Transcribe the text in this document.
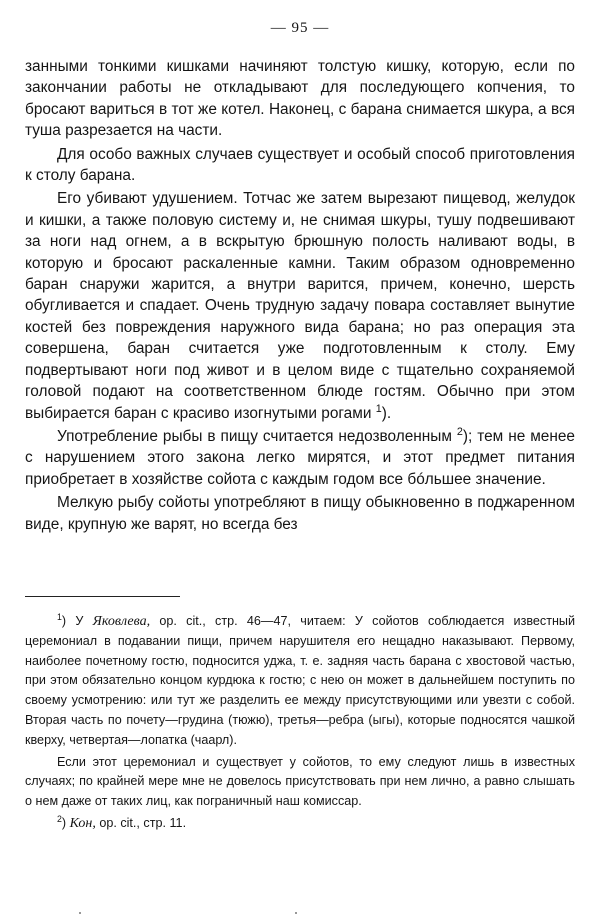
— 95 —

занными тонкими кишками начиняют толстую кишку, которую, если по закончании работы не откладывают для последующего копчения, то бросают вариться в тот же котел. Наконец, с барана снимается шкура, а вся туша разрезается на части.

Для особо важных случаев существует и особый способ приготовления к столу барана.

Его убивают удушением. Тотчас же затем вырезают пищевод, желудок и кишки, а также половую систему и, не снимая шкуры, тушу подвешивают за ноги над огнем, а в вскрытую брюшную полость наливают воды, в которую и бросают раскаленные камни. Таким образом одновременно баран снаружи жарится, а внутри варится, причем, конечно, шерсть обугливается и спадает. Очень трудную задачу повара составляет вынутие костей без повреждения наружного вида барана; но раз операция эта совершена, баран считается уже подготовленным к столу. Ему подвертывают ноги под живот и в целом виде с тщательно сохраняемой головой подают на соответственном блюде гостям. Обычно при этом выбирается баран с красиво изогнутыми рогами $^1$).

Употребление рыбы в пищу считается недозволенным $^2$); тем не менее с нарушением этого закона легко мирятся, и этот предмет питания приобретает в хозяйстве сойота с каждым годом все бóльшее значение.

Мелкую рыбу сойоты употребляют в пищу обыкновенно в поджаренном виде, крупную же варят, но всегда без

$^1$) У Яковлева, op. cit., стр. 46—47, читаем: У сойотов соблюдается известный церемониал в подавании пищи, причем нарушителя его нещадно наказывают. Первому, наиболее почетному гостю, подносится уджа, т. е. задняя часть барана с хвостовой частью, при этом обязательно концом курдюка к гостю; с нею он может в дальнейшем поступить по своему усмотрению: или тут же разделить ее между присутствующими или увезти с собой. Вторая часть по почету—грудина (тюжю), третья—ребра (ыгы), которые подносятся чашкой кверху, четвертая—лопатка (чаарл).

Если этот церемониал и существует у сойотов, то ему следуют лишь в известных случаях; по крайней мере мне не довелось присутствовать при нем лично, а равно слышать о нем даже от таких лиц, как пограничный наш комиссар.

$^2$) Кон, op. cit., стр. 11.
